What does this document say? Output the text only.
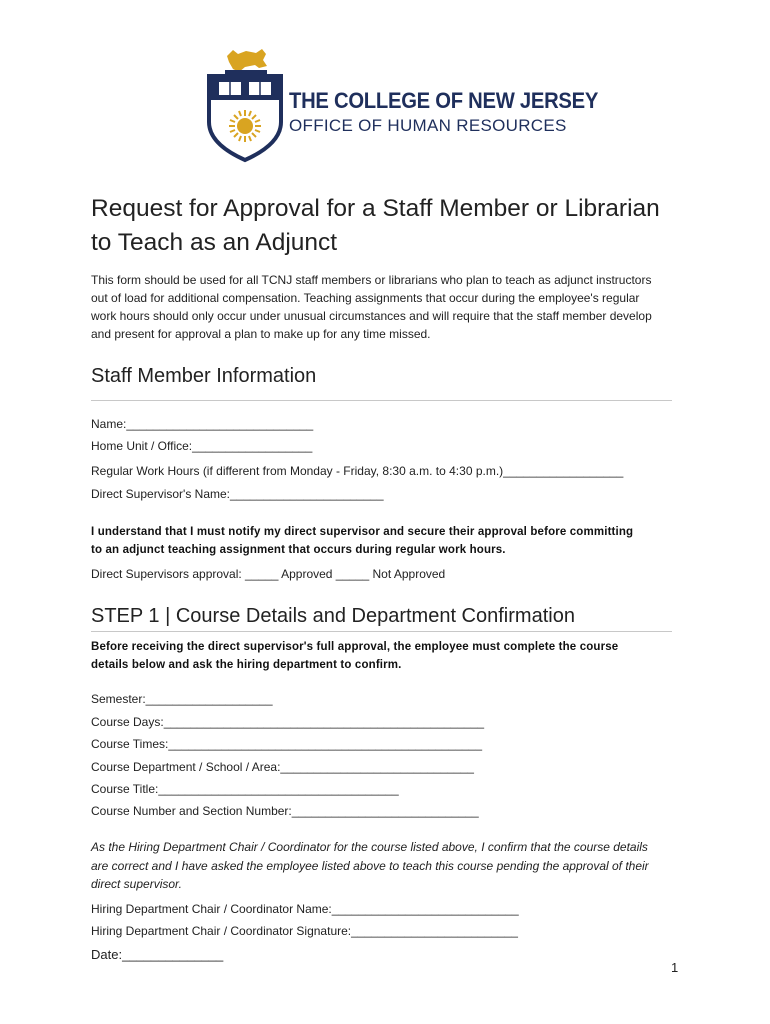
THE COLLEGE OF NEW JERSEY
OFFICE OF HUMAN RESOURCES
Request for Approval for a Staff Member or Librarian
to Teach as an Adjunct
This form should be used for all TCNJ staff members or librarians who plan to teach as adjunct instructors
out of load for additional compensation. Teaching assignments that occur during the employee's regular
work hours should only occur under unusual circumstances and will require that the staff member develop
and present for approval a plan to make up for any time missed.
Staff Member Information
Name:____________________________
Home Unit / Office:__________________
Regular Work Hours (if different from Monday - Friday, 8:30 a.m. to 4:30 p.m.)__________________
Direct Supervisor's Name:_______________________
I understand that I must notify my direct supervisor and secure their approval before committing
to an adjunct teaching assignment that occurs during regular work hours.
Direct Supervisors approval: _____ Approved _____ Not Approved
STEP 1 | Course Details and Department Confirmation
Before receiving the direct supervisor's full approval, the employee must complete the course
details below and ask the hiring department to confirm.
Semester:___________________
Course Days:________________________________________________
Course Times:_______________________________________________
Course Department / School / Area:_____________________________
Course Title:____________________________________
Course Number and Section Number:____________________________
As the Hiring Department Chair / Coordinator for the course listed above, I confirm that the course details
are correct and I have asked the employee listed above to teach this course pending the approval of their
direct supervisor.
Hiring Department Chair / Coordinator Name:____________________________
Hiring Department Chair / Coordinator Signature:_________________________
Date:______________
1
